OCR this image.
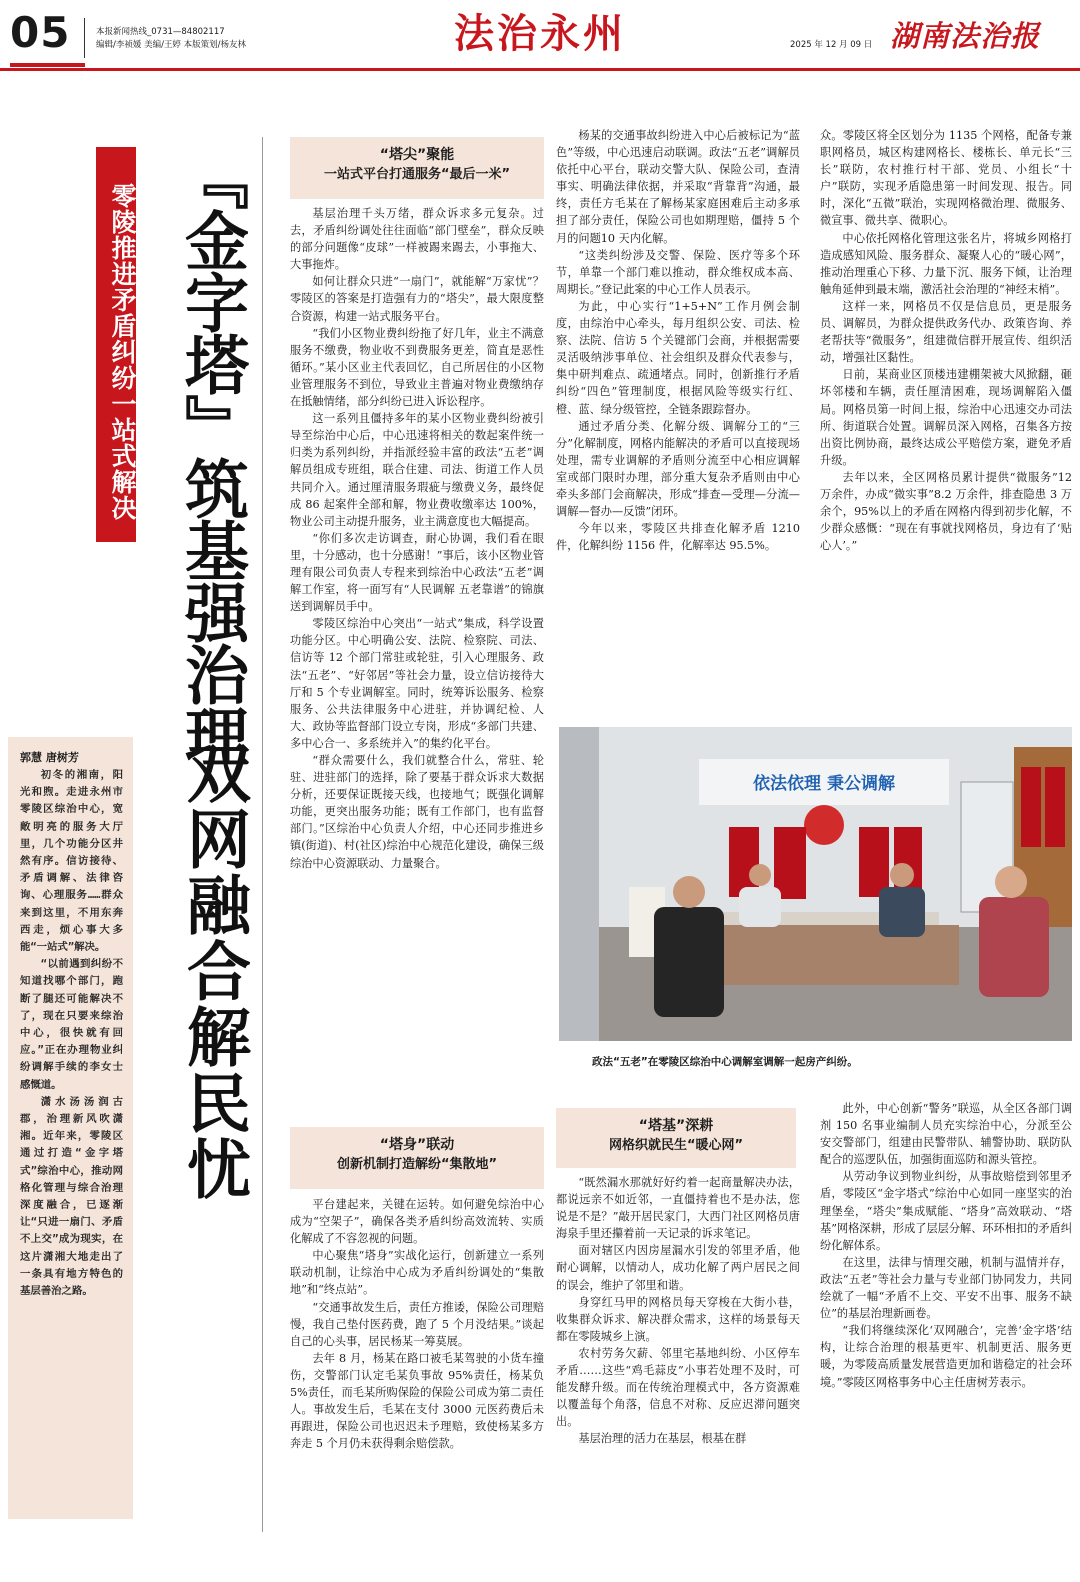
05	本报新闻热线_0731—84802117
编辑/李祯媛 美编/王婷 本版策划/杨友林	法治永州	2025 年 12 月 09 日 湖南法治报
零陵推进矛盾纠纷一站式解决 『金字塔』筑基强治理
双网融合解民忧
郭慧 唐树芳

初冬的湘南，阳光和煦。走进永州市零陵区综治中心，宽敞明亮的服务大厅里，几个功能分区井然有序。信访接待、矛盾调解、法律咨询、心理服务……群众来到这里，不用东奔西走，烦心事大多能“一站式”解决。

“以前遇到纠纷不知道找哪个部门，跑断了腿还可能解决不了，现在只要来综治中心，很快就有回应。”正在办理物业纠纷调解手续的李女士感慨道。

潇水汤汤润古郡，治理新风吹潇湘。近年来，零陵区通过打造“金字塔式”综治中心，推动网格化管理与综合治理深度融合，已逐渐让“只进一扇门、矛盾不上交”成为现实，在这片潇湘大地走出了一条具有地方特色的基层善治之路。

“塔尖”聚能
一站式平台打通服务“最后一米”

基层治理千头万绪，群众诉求多元复杂。过去，矛盾纠纷调处往往面临“部门壁垒”，群众反映的部分问题像“皮球”一样被踢来踢去，小事拖大、大事拖炸。

如何让群众只进“一扇门”，就能解“万家忧”？零陵区的答案是打造强有力的“塔尖”，最大限度整合资源，构建一站式服务平台。

“我们小区物业费纠纷拖了好几年，业主不满意服务不缴费，物业收不到费服务更差，简直是恶性循环。”某小区业主代表回忆，自己所居住的小区物业管理服务不到位，导致业主普遍对物业费缴纳存在抵触情绪，部分纠纷已进入诉讼程序。

这一系列且僵持多年的某小区物业费纠纷被引导至综治中心后，中心迅速将相关的数起案件统一归类为系列纠纷，并指派经验丰富的政法“五老”调解员组成专班组，联合住建、司法、街道工作人员共同介入。通过厘清服务瑕疵与缴费义务，最终促成 86 起案件全部和解，物业费收缴率达 100%，物业公司主动提升服务，业主满意度也大幅提高。

“你们多次走访调查，耐心协调，我们看在眼里，十分感动，也十分感谢！”事后，该小区物业管理有限公司负责人专程来到综治中心政法“五老”调解工作室，将一面写有“人民调解 五老靠谱”的锦旗送到调解员手中。

零陵区综治中心突出“一站式”集成，科学设置功能分区。中心明确公安、法院、检察院、司法、信访等 12 个部门常驻或轮驻，引入心理服务、政法“五老”、“好邻居”等社会力量，设立信访接待大厅和 5 个专业调解室。同时，统筹诉讼服务、检察服务、公共法律服务中心进驻，并协调纪检、人大、政协等监督部门设立专岗，形成“多部门共建、多中心合一、多系统并入”的集约化平台。

“群众需要什么，我们就整合什么，常驻、轮驻、进驻部门的选择，除了要基于群众诉求大数据分析，还要保证既接天线，也接地气；既强化调解功能，更突出服务功能；既有工作部门，也有监督部门。”区综治中心负责人介绍，中心还同步推进乡镇(街道)、村(社区)综治中心规范化建设，确保三级综治中心资源联动、力量聚合。

“塔身”联动
创新机制打造解纷“集散地”

平台建起来，关键在运转。如何避免综治中心成为“空架子”，确保各类矛盾纠纷高效流转、实质化解成了不容忽视的问题。

中心聚焦“塔身”实战化运行，创新建立一系列联动机制，让综治中心成为矛盾纠纷调处的“集散地”和“终点站”。

“交通事故发生后，责任方推诿，保险公司理赔慢，我自己垫付医药费，跑了 5 个月没结果。”谈起自己的心头事，居民杨某一筹莫展。

去年 8 月，杨某在路口被毛某驾驶的小货车撞伤，交警部门认定毛某负事故 95%责任，杨某负 5%责任，而毛某所购保险的保险公司成为第二责任人。事故发生后，毛某在支付 3000 元医药费后未再跟进，保险公司也迟迟未予理赔，致使杨某多方奔走 5 个月仍未获得剩余赔偿款。

杨某的交通事故纠纷进入中心后被标记为“蓝色”等级，中心迅速启动联调。政法“五老”调解员依托中心平台，联动交警大队、保险公司，查清事实、明确法律依据，并采取“背靠背”沟通，最终，责任方毛某在了解杨某家庭困难后主动多承担了部分责任，保险公司也如期理赔，僵持 5 个月的问题10 天内化解。

“这类纠纷涉及交警、保险、医疗等多个环节，单靠一个部门难以推动，群众维权成本高、周期长。”登记此案的中心工作人员表示。

为此，中心实行“1+5+N”工作月例会制度，由综治中心牵头，每月组织公安、司法、检察、法院、信访 5 个关键部门会商，并根据需要灵活吸纳涉事单位、社会组织及群众代表参与，集中研判难点、疏通堵点。同时，创新推行矛盾纠纷“四色”管理制度，根据风险等级实行红、橙、蓝、绿分级管控，全链条跟踪督办。

通过矛盾分类、化解分级、调解分工的“三分”化解制度，网格内能解决的矛盾可以直接现场处理，需专业调解的矛盾则分流至中心相应调解室或部门限时办理，部分重大复杂矛盾则由中心牵头多部门会商解决，形成“排查—受理—分流—调解—督办—反馈”闭环。

今年以来，零陵区共排查化解矛盾 1210 件，化解纠纷 1156 件，化解率达 95.5%。

众。零陵区将全区划分为 1135 个网格，配备专兼职网格员，城区构建网格长、楼栋长、单元长“三长”联防，农村推行村干部、党员、小组长“十户”联防，实现矛盾隐患第一时间发现、报告。同时，深化“五微”联治，实现网格微治理、微服务、微宣事、微共享、微职心。

中心依托网格化管理这张名片，将城乡网格打造成感知风险、服务群众、凝聚人心的“暖心网”，推动治理重心下移、力量下沉、服务下倾，让治理触角延伸到最末端，激活社会治理的“神经末梢”。

这样一来，网格员不仅是信息员，更是服务员、调解员，为群众提供政务代办、政策咨询、养老帮扶等“微服务”，组建微信群开展宣传、组织活动，增强社区黏性。

日前，某商业区顶楼违建棚架被大风掀翻，砸坏邻楼和车辆，责任厘清困难，现场调解陷入僵局。网格员第一时间上报，综治中心迅速交办司法所、街道联合处置。调解员深入网格，召集各方按出资比例协商，最终达成公平赔偿方案，避免矛盾升级。

去年以来，全区网格员累计提供“微服务”12 万余件，办成“微实事”8.2 万余件，排查隐患 3 万余个，95%以上的矛盾在网格内得到初步化解，不少群众感慨：“现在有事就找网格员，身边有了‘贴心人’。”

依法依理 秉公调解
政法“五老”在零陵区综治中心调解室调解一起房产纠纷。
“塔基”深耕
网格织就民生“暖心网”

“既然漏水那就好好约着一起商量解决办法，都说远亲不如近邻，一直僵持着也不是办法，您说是不是？”敲开居民家门，大西门社区网格员唐海泉手里还攥着前一天记录的诉求笔记。

面对辖区内因房屋漏水引发的邻里矛盾，他耐心调解，以情动人，成功化解了两户居民之间的误会，维护了邻里和谐。

身穿红马甲的网格员每天穿梭在大街小巷，收集群众诉求、解决群众需求，这样的场景每天都在零陵城乡上演。

农村劳务欠薪、邻里宅基地纠纷、小区停车矛盾……这些“鸡毛蒜皮”小事若处理不及时，可能发酵升级。而在传统治理模式中，各方资源难以覆盖每个角落，信息不对称、反应迟滞问题突出。

基层治理的活力在基层，根基在群

此外，中心创新“警务”联巡，从全区各部门调剂 150 名事业编制人员充实综治中心，分派至公安交警部门，组建由民警带队、辅警协助、联防队配合的巡逻队伍，加强街面巡防和源头管控。

从劳动争议到物业纠纷，从事故赔偿到邻里矛盾，零陵区“金字塔式”综治中心如同一座坚实的治理堡垒，“塔尖”集成赋能、“塔身”高效联动、“塔基”网格深耕，形成了层层分解、环环相扣的矛盾纠纷化解体系。

在这里，法律与情理交融，机制与温情并存，政法“五老”等社会力量与专业部门协同发力，共同绘就了一幅“矛盾不上交、平安不出事、服务不缺位”的基层治理新画卷。

“我们将继续深化‘双网融合’，完善‘金字塔’结构，让综合治理的根基更牢、机制更活、服务更暖，为零陵高质量发展营造更加和谐稳定的社会环境。”零陵区网格事务中心主任唐树芳表示。
